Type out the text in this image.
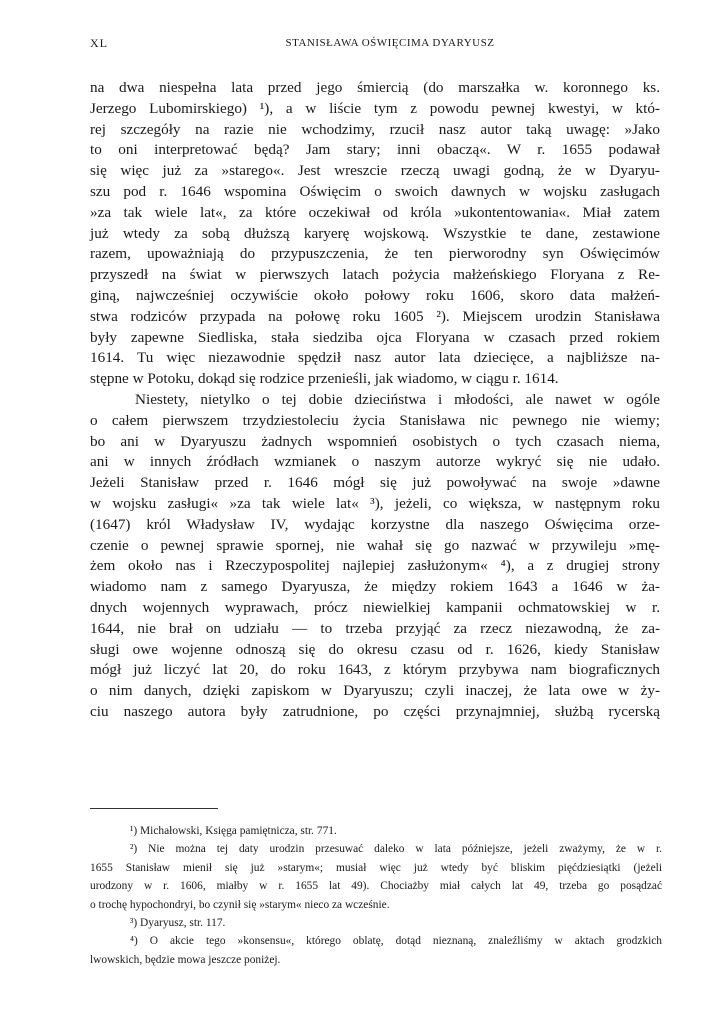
XL	STANISŁAWA OŚWIĘCIMA DYARYUSZ
na dwa niespełna lata przed jego śmiercią (do marszałka w. koronnego ks.
Jerzego Lubomirskiego) ¹), a w liście tym z powodu pewnej kwestyi, w któ-
rej szczegóły na razie nie wchodzimy, rzucił nasz autor taką uwagę: »Jako
to oni interpretować będą? Jam stary; inni obaczą«. W r. 1655 podawał
się więc już za »starego«. Jest wreszcie rzeczą uwagi godną, że w Dyaryu-
szu pod r. 1646 wspomina Oświęcim o swoich dawnych w wojsku zasługach
»za tak wiele lat«, za które oczekiwał od króla »ukontentowania«. Miał zatem
już wtedy za sobą dłuższą karyerę wojskową. Wszystkie te dane, zestawione
razem, upoważniają do przypuszczenia, że ten pierworodny syn Oświęcimów
przyszedł na świat w pierwszych latach pożycia małżeńskiego Floryana z Re-
giną, najwcześniej oczywiście około połowy roku 1606, skoro data małżeń-
stwa rodziców przypada na połowę roku 1605 ²). Miejscem urodzin Stanisława
były zapewne Siedliska, stała siedziba ojca Floryana w czasach przed rokiem
1614. Tu więc niezawodnie spędził nasz autor lata dziecięce, a najbliższe na-
stępne w Potoku, dokąd się rodzice przenieśli, jak wiadomo, w ciągu r. 1614.
Niestety, nietylko o tej dobie dzieciństwa i młodości, ale nawet w ogóle
o całem pierwszem trzydziestoleciu życia Stanisława nic pewnego nie wiemy;
bo ani w Dyaryuszu żadnych wspomnień osobistych o tych czasach niema,
ani w innych źródłach wzmianek o naszym autorze wykryć się nie udało.
Jeżeli Stanisław przed r. 1646 mógł się już powoływać na swoje »dawne
w wojsku zasługi« »za tak wiele lat« ³), jeżeli, co większa, w następnym roku
(1647) król Władysław IV, wydając korzystne dla naszego Oświęcima orze-
czenie o pewnej sprawie spornej, nie wahał się go nazwać w przywileju »mę-
żem około nas i Rzeczypospolitej najlepiej zasłużonym« ⁴), a z drugiej strony
wiadomo nam z samego Dyaryusza, że między rokiem 1643 a 1646 w ża-
dnych wojennych wyprawach, prócz niewielkiej kampanii ochmatowskiej w r.
1644, nie brał on udziału — to trzeba przyjąć za rzecz niezawodną, że za-
sługi owe wojenne odnoszą się do okresu czasu od r. 1626, kiedy Stanisław
mógł już liczyć lat 20, do roku 1643, z którym przybywa nam biograficznych
o nim danych, dzięki zapiskom w Dyaryuszu; czyli inaczej, że lata owe w ży-
ciu naszego autora były zatrudnione, po części przynajmniej, służbą rycerską
¹) Michałowski, Księga pamiętnicza, str. 771.
²) Nie można tej daty urodzin przesuwać daleko w lata późniejsze, jeżeli zważymy, że w r.
1655 Stanisław mienił się już »starym«; musiał więc już wtedy być bliskim pięćdziesiątki (jeżeli
urodzony w r. 1606, miałby w r. 1655 lat 49). Chociażby miał całych lat 49, trzeba go posądzać
o trochę hypochondryi, bo czynił się »starym« nieco za wcześnie.
³) Dyaryusz, str. 117.
⁴) O akcie tego »konsensu«, którego oblatę, dotąd nieznaną, znaleźliśmy w aktach grodzkich
lwowskich, będzie mowa jeszcze poniżej.
